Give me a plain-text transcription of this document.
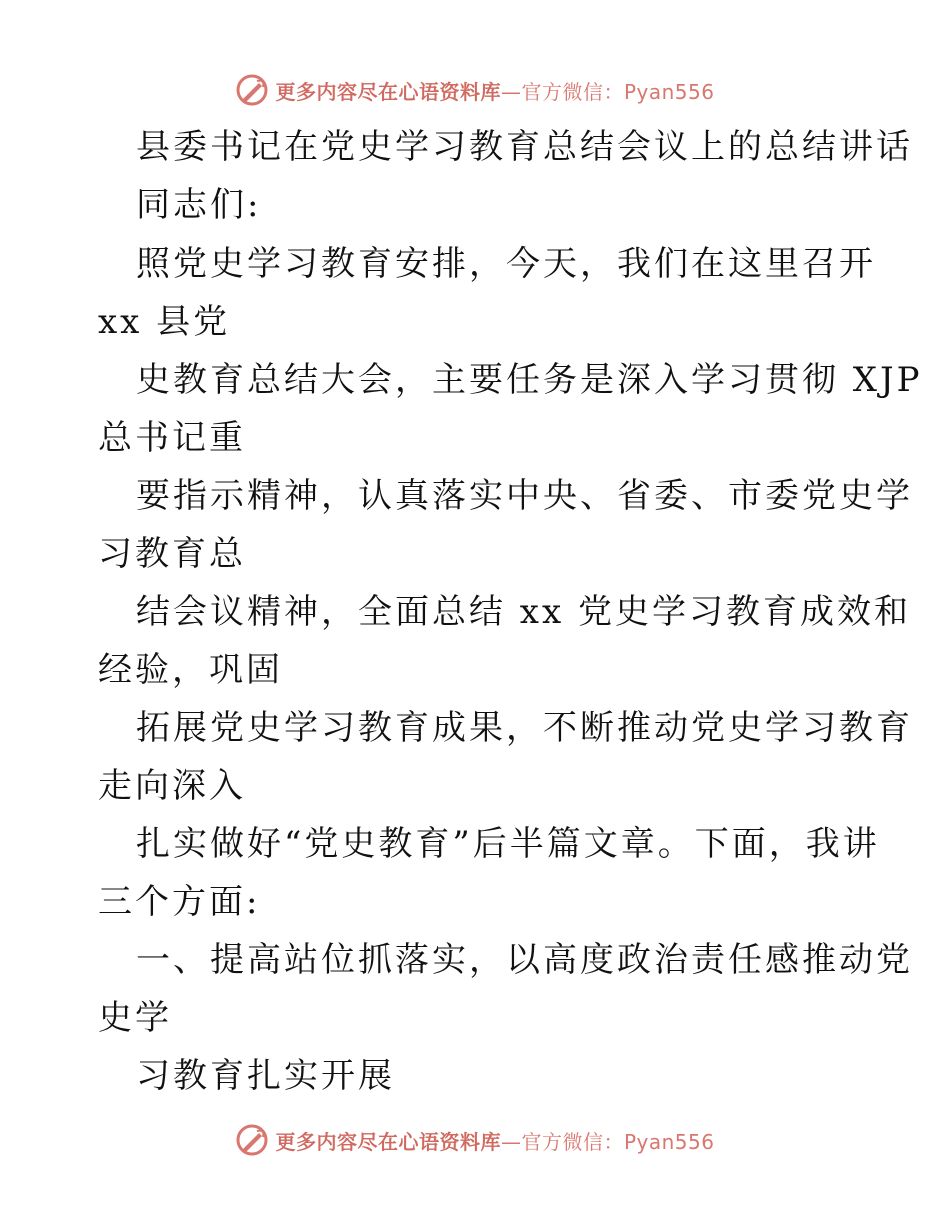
更多内容尽在心语资料库—官方微信：Pyan556
县委书记在党史学习教育总结会议上的总结讲话
同志们:
照党史学习教育安排，今天，我们在这里召开
xx 县党
史教育总结大会，主要任务是深入学习贯彻 XJP
总书记重
要指示精神，认真落实中央、省委、市委党史学
习教育总
结会议精神，全面总结 xx 党史学习教育成效和
经验，巩固
拓展党史学习教育成果，不断推动党史学习教育
走向深入
扎实做好“党史教育”后半篇文章。下面，我讲
三个方面:
一、提高站位抓落实，以高度政治责任感推动党
史学
习教育扎实开展
更多内容尽在心语资料库—官方微信：Pyan556
